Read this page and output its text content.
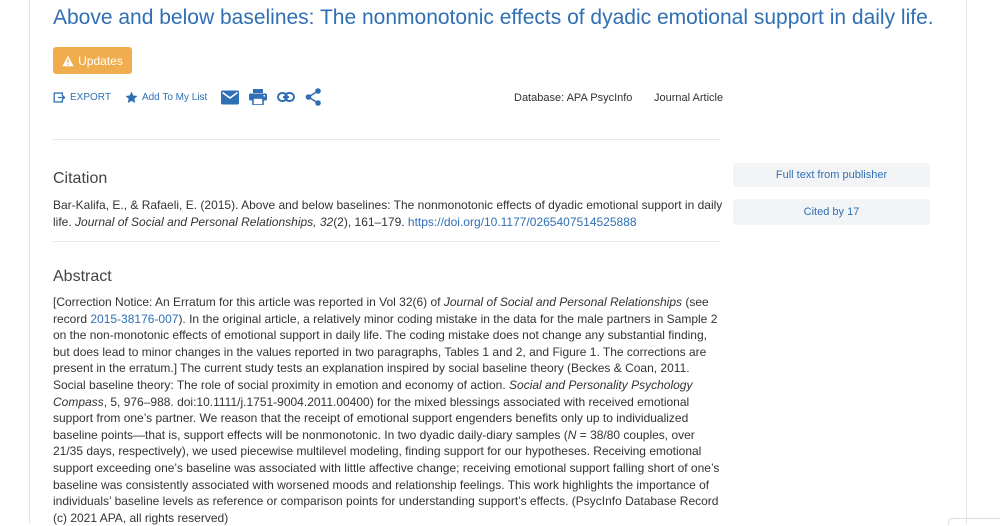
Above and below baselines: The nonmonotonic effects of dyadic emotional support in daily life.
Updates
EXPORT	Add To My List	Database: APA PsycInfo Journal Article
Citation
Bar-Kalifa, E., & Rafaeli, E. (2015). Above and below baselines: The nonmonotonic effects of dyadic emotional support in daily life. Journal of Social and Personal Relationships, 32(2), 161–179. https://doi.org/10.1177/0265407514525888
Abstract
[Correction Notice: An Erratum for this article was reported in Vol 32(6) of Journal of Social and Personal Relationships (see record 2015-38176-007). In the original article, a relatively minor coding mistake in the data for the male partners in Sample 2 on the non-monotonic effects of emotional support in daily life. The coding mistake does not change any substantial finding, but does lead to minor changes in the values reported in two paragraphs, Tables 1 and 2, and Figure 1. The corrections are present in the erratum.] The current study tests an explanation inspired by social baseline theory (Beckes & Coan, 2011. Social baseline theory: The role of social proximity in emotion and economy of action. Social and Personality Psychology Compass, 5, 976–988. doi:10.1111/j.1751-9004.2011.00400) for the mixed blessings associated with received emotional support from one’s partner. We reason that the receipt of emotional support engenders benefits only up to individualized baseline points—that is, support effects will be nonmonotonic. In two dyadic daily-diary samples (N = 38/80 couples, over 21/35 days, respectively), we used piecewise multilevel modeling, finding support for our hypotheses. Receiving emotional support exceeding one’s baseline was associated with little affective change; receiving emotional support falling short of one’s baseline was consistently associated with worsened moods and relationship feelings. This work highlights the importance of individuals’ baseline levels as reference or comparison points for understanding support’s effects. (PsycInfo Database Record (c) 2021 APA, all rights reserved)
Full text from publisher
Cited by 17
